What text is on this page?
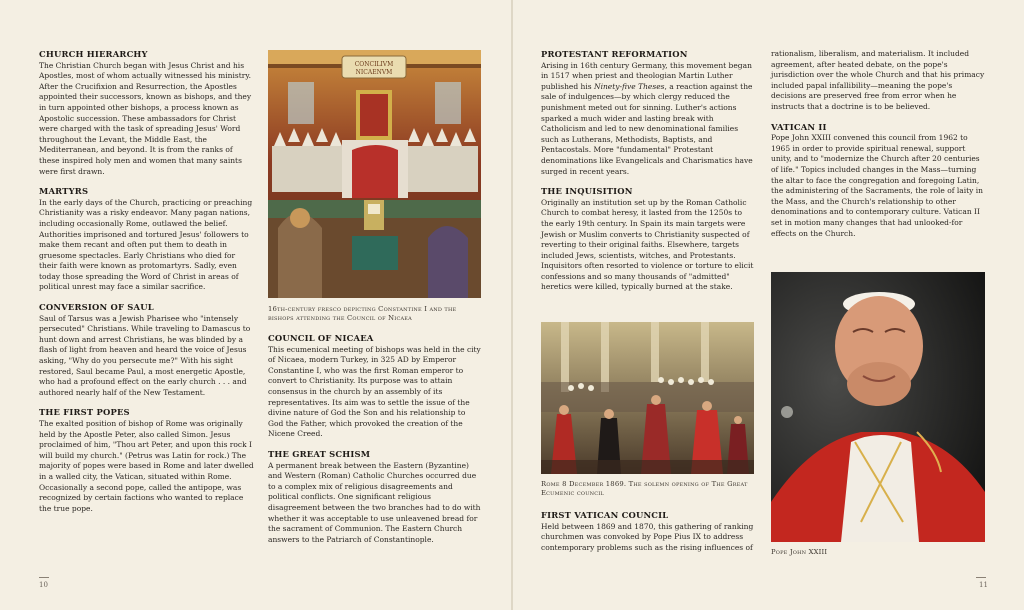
CHURCH HIERARCHY

The Christian Church began with Jesus Christ and his Apostles, most of whom actually witnessed his ministry. After the Crucifixion and Resurrection, the Apostles appointed their successors, known as bishops, and they in turn appointed other bishops, a process known as Apostolic succession. These ambassadors for Christ were charged with the task of spreading Jesus' Word throughout the Levant, the Middle East, the Mediterranean, and beyond. It is from the ranks of these inspired holy men and women that many saints were first drawn.

MARTYRS

In the early days of the Church, practicing or preaching Christianity was a risky endeavor. Many pagan nations, including occasionally Rome, outlawed the belief. Authorities imprisoned and tortured Jesus' followers to make them recant and often put them to death in gruesome spectacles. Early Christians who died for their faith were known as protomartyrs. Sadly, even today those spreading the Word of Christ in areas of political unrest may face a similar sacrifice.

CONVERSION OF SAUL

Saul of Tarsus was a Jewish Pharisee who "intensely persecuted" Christians. While traveling to Damascus to hunt down and arrest Christians, he was blinded by a flash of light from heaven and heard the voice of Jesus asking, "Why do you persecute me?" With his sight restored, Saul became Paul, a most energetic Apostle, who had a profound effect on the early church . . . and authored nearly half of the New Testament.

THE FIRST POPES

The exalted position of bishop of Rome was originally held by the Apostle Peter, also called Simon. Jesus proclaimed of him, "Thou art Peter, and upon this rock I will build my church." (Petrus was Latin for rock.) The majority of popes were based in Rome and later dwelled in a walled city, the Vatican, situated within Rome. Occasionally a second pope, called the antipope, was recognized by certain factions who wanted to replace the true pope.

CONCILIVM NICAENVM
16th-century fresco depicting Constantine I and the bishops attending the Council of Nicaea
COUNCIL OF NICAEA

This ecumenical meeting of bishops was held in the city of Nicaea, modern Turkey, in 325 AD by Emperor Constantine I, who was the first Roman emperor to convert to Christianity. Its purpose was to attain consensus in the church by an assembly of its representatives. Its aim was to settle the issue of the divine nature of God the Son and his relationship to God the Father, which provoked the creation of the Nicene Creed.

THE GREAT SCHISM

A permanent break between the Eastern (Byzantine) and Western (Roman) Catholic Churches occurred due to a complex mix of religious disagreements and political conflicts. One significant religious disagreement between the two branches had to do with whether it was acceptable to use unleavened bread for the sacrament of Communion. The Eastern Church answers to the Patriarch of Constantinople.

PROTESTANT REFORMATION

Arising in 16th century Germany, this movement began in 1517 when priest and theologian Martin Luther published his Ninety-five Theses, a reaction against the sale of indulgences—by which clergy reduced the punishment meted out for sinning. Luther's actions sparked a much wider and lasting break with Catholicism and led to new denominational families such as Lutherans, Methodists, Baptists, and Pentacostals. More "fundamental" Protestant denominations like Evangelicals and Charismatics have surged in recent years.

THE INQUISITION

Originally an institution set up by the Roman Catholic Church to combat heresy, it lasted from the 1250s to the early 19th century. In Spain its main targets were Jewish or Muslim converts to Christianity suspected of reverting to their original faiths. Elsewhere, targets included Jews, scientists, witches, and Protestants. Inquisitors often resorted to violence or torture to elicit confessions and so many thousands of "admitted" heretics were killed, typically burned at the stake.

Rome 8 December 1869. The solemn opening of The Great Ecumenic council
FIRST VATICAN COUNCIL

Held between 1869 and 1870, this gathering of ranking churchmen was convoked by Pope Pius IX to address contemporary problems such as the rising influences of

rationalism, liberalism, and materialism. It included agreement, after heated debate, on the pope's jurisdiction over the whole Church and that his primacy included papal infallibility—meaning the pope's decisions are preserved free from error when he instructs that a doctrine is to be believed.

VATICAN II

Pope John XXIII convened this council from 1962 to 1965 in order to provide spiritual renewal, support unity, and to "modernize the Church after 20 centuries of life." Topics included changes in the Mass—turning the altar to face the congregation and foregoing Latin, the administering of the Sacraments, the role of laity in the Mass, and the Church's relationship to other denominations and to contemporary culture. Vatican II set in motion many changes that had unlooked-for effects on the Church.

Pope John XXIII
10	11
